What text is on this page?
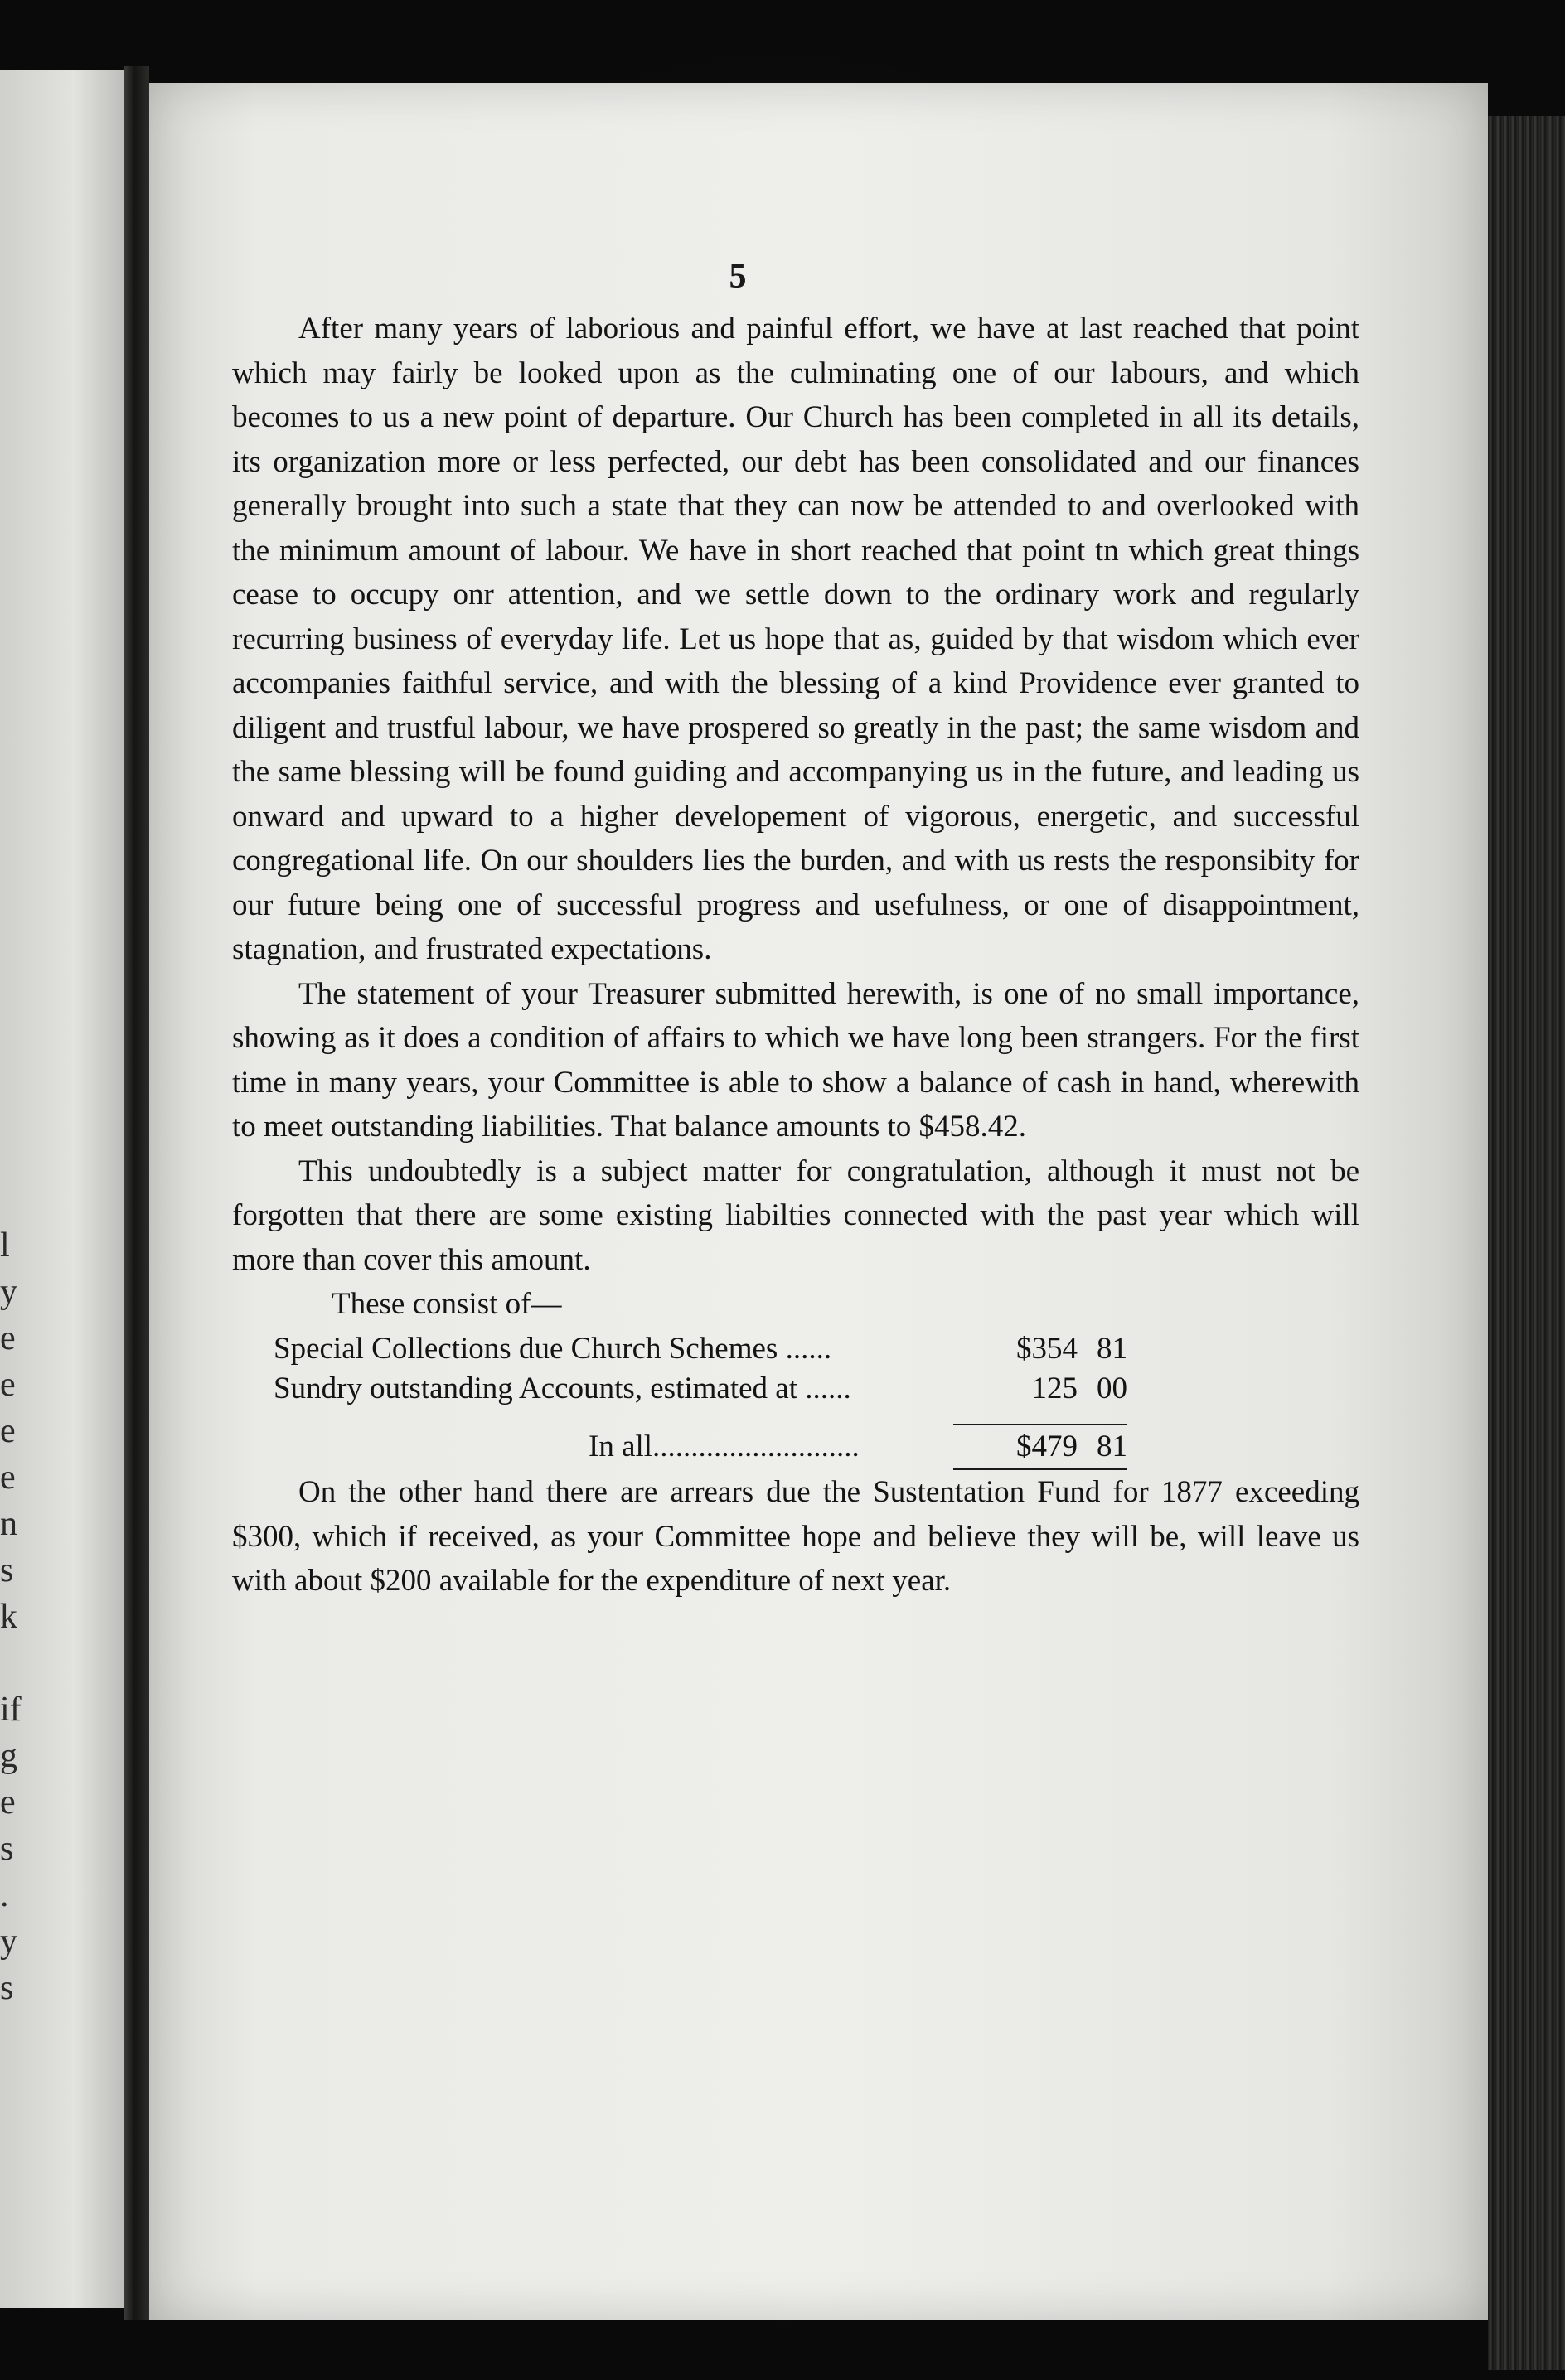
l
y
e
e
e
e
n
s
k

if
g
e
s
.
y
s
5

After many years of laborious and painful effort, we have at last reached that point which may fairly be looked upon as the culminating one of our labours, and which becomes to us a new point of departure. Our Church has been completed in all its details, its organization more or less perfected, our debt has been consolidated and our finances generally brought into such a state that they can now be attended to and overlooked with the minimum amount of labour. We have in short reached that point tn which great things cease to occupy onr attention, and we settle down to the ordinary work and regularly recurring business of everyday life. Let us hope that as, guided by that wisdom which ever accompanies faithful service, and with the blessing of a kind Providence ever granted to diligent and trustful labour, we have prospered so greatly in the past; the same wisdom and the same blessing will be found guiding and accompanying us in the future, and leading us onward and upward to a higher developement of vigorous, energetic, and successful congregational life. On our shoulders lies the burden, and with us rests the responsibity for our future being one of successful progress and usefulness, or one of disappointment, stagnation, and frustrated expectations.

The statement of your Treasurer submitted herewith, is one of no small importance, showing as it does a condition of affairs to which we have long been strangers. For the first time in many years, your Committee is able to show a balance of cash in hand, wherewith to meet outstanding liabilities. That balance amounts to $458.42.

This undoubtedly is a subject matter for congratulation, although it must not be forgotten that there are some existing liabilties connected with the past year which will more than cover this amount.

These consist of—

Special Collections due Church Schemes ......	$354 81
Sundry outstanding Accounts, estimated at ......	125 00
In all...........................	$479 81

On the other hand there are arrears due the Sustentation Fund for 1877 exceeding $300, which if received, as your Committee hope and believe they will be, will leave us with about $200 available for the expenditure of next year.
